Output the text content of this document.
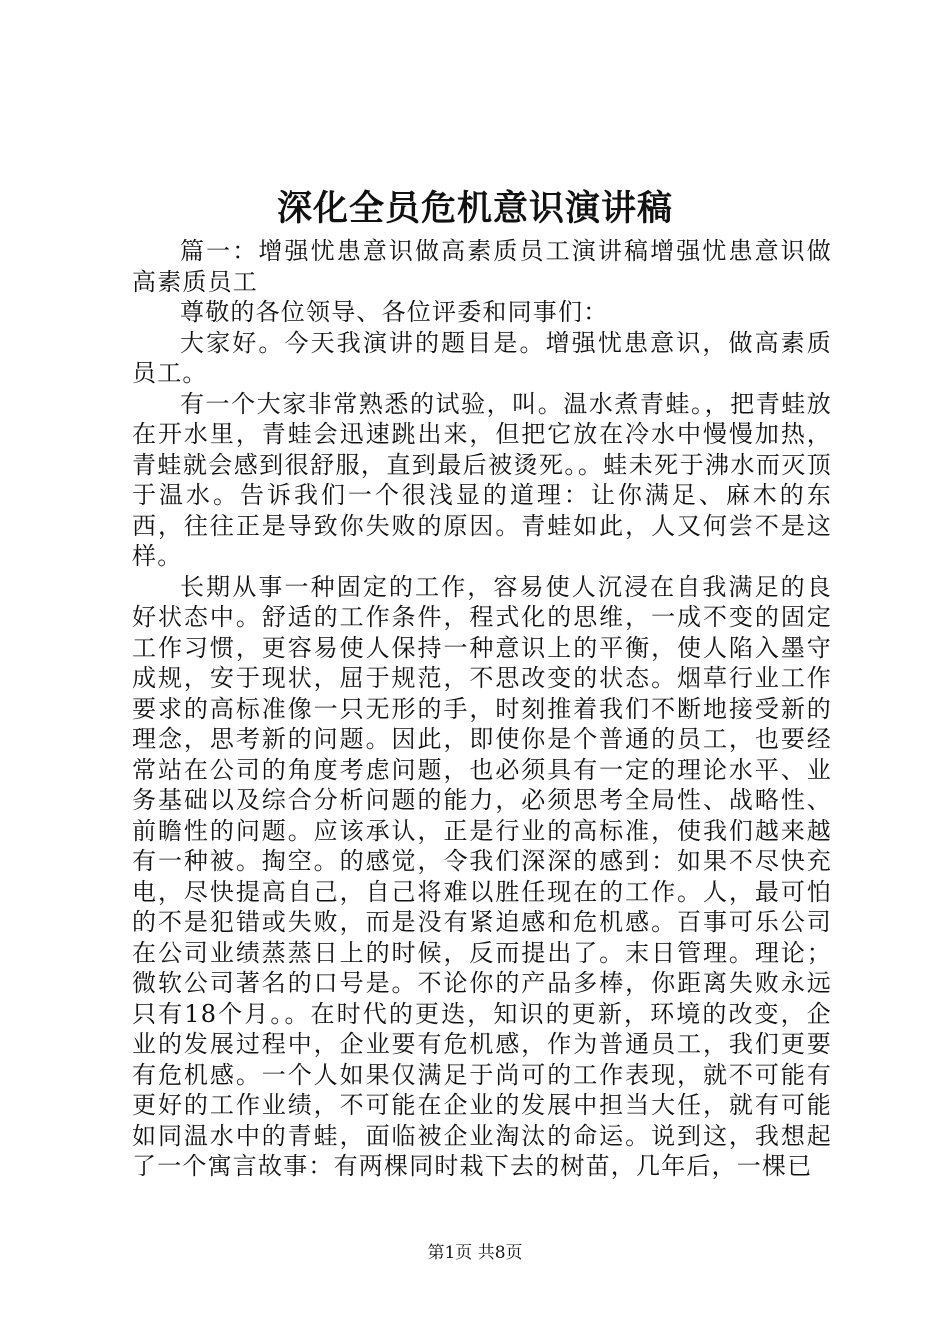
深化全员危机意识演讲稿

篇一：增强忧患意识做高素质员工演讲稿增强忧患意识做高素质员工

尊敬的各位领导、各位评委和同事们：

大家好。今天我演讲的题目是。增强忧患意识，做高素质员工。

有一个大家非常熟悉的试验，叫。温水煮青蛙。，把青蛙放在开水里，青蛙会迅速跳出来，但把它放在冷水中慢慢加热，青蛙就会感到很舒服，直到最后被烫死。。蛙未死于沸水而灭顶于温水。告诉我们一个很浅显的道理：让你满足、麻木的东西，往往正是导致你失败的原因。青蛙如此，人又何尝不是这样。

长期从事一种固定的工作，容易使人沉浸在自我满足的良好状态中。舒适的工作条件，程式化的思维，一成不变的固定工作习惯，更容易使人保持一种意识上的平衡，使人陷入墨守成规，安于现状，屈于规范，不思改变的状态。烟草行业工作要求的高标准像一只无形的手，时刻推着我们不断地接受新的理念，思考新的问题。因此，即使你是个普通的员工，也要经常站在公司的角度考虑问题，也必须具有一定的理论水平、业务基础以及综合分析问题的能力，必须思考全局性、战略性、前瞻性的问题。应该承认，正是行业的高标准，使我们越来越有一种被。掏空。的感觉，令我们深深的感到：如果不尽快充电，尽快提高自己，自己将难以胜任现在的工作。人，最可怕的不是犯错或失败，而是没有紧迫感和危机感。百事可乐公司在公司业绩蒸蒸日上的时候，反而提出了。末日管理。理论；微软公司著名的口号是。不论你的产品多棒，你距离失败永远只有18个月。。在时代的更迭，知识的更新，环境的改变，企业的发展过程中，企业要有危机感，作为普通员工，我们更要有危机感。一个人如果仅满足于尚可的工作表现，就不可能有更好的工作业绩，不可能在企业的发展中担当大任，就有可能如同温水中的青蛙，面临被企业淘汰的命运。说到这，我想起了一个寓言故事：有两棵同时栽下去的树苗，几年后，一棵已

第1页 共8页
